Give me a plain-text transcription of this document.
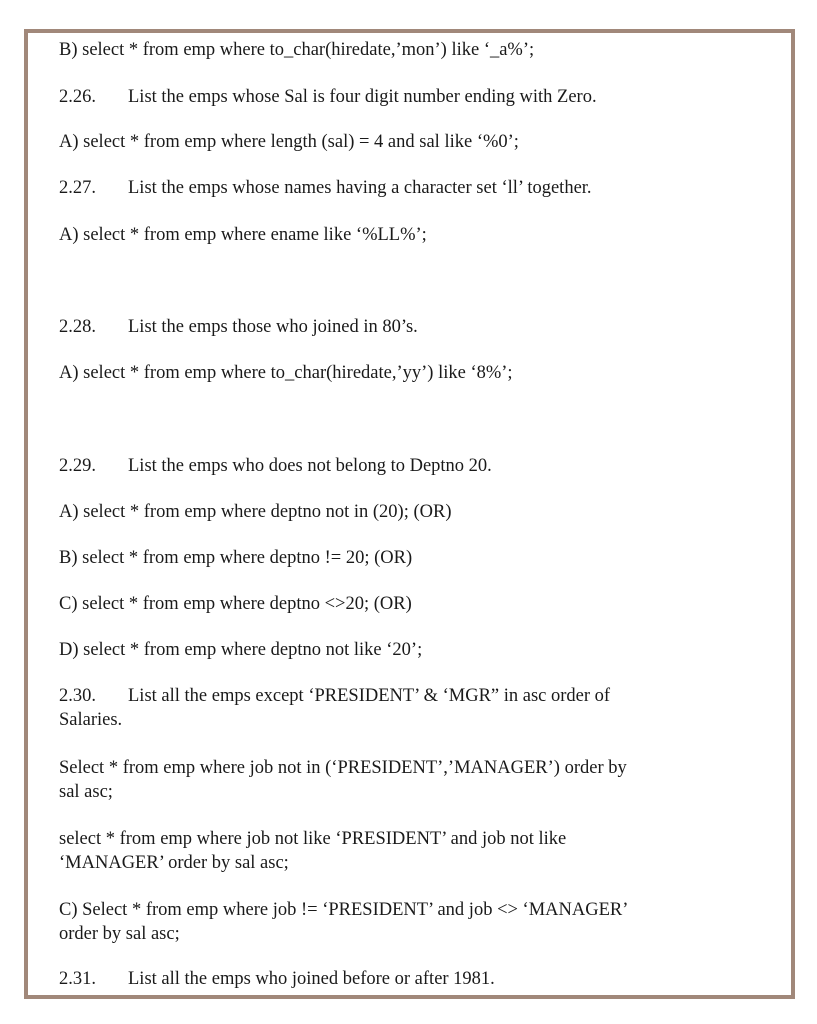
B) select * from emp where to_char(hiredate,’mon’) like ‘_a%’;
2.26. List the emps whose Sal is four digit number ending with Zero.
A) select * from emp where length (sal) = 4 and sal like ‘%0’;
2.27. List the emps whose names having a character set ‘ll’ together.
A) select * from emp where ename like ‘%LL%’;
2.28. List the emps those who joined in 80’s.
A) select * from emp where to_char(hiredate,’yy’) like ‘8%’;
2.29. List the emps who does not belong to Deptno 20.
A) select * from emp where deptno not in (20); (OR)
B) select * from emp where deptno != 20; (OR)
C) select * from emp where deptno <>20; (OR)
D) select * from emp where deptno not like ‘20’;
2.30. List all the emps except ‘PRESIDENT’ & ‘MGR” in asc order of
Salaries.
Select * from emp where job not in (‘PRESIDENT’,’MANAGER’) order by
sal asc;
select * from emp where job not like ‘PRESIDENT’ and job not like
‘MANAGER’ order by sal asc;
C) Select * from emp where job != ‘PRESIDENT’ and job <> ‘MANAGER’
order by sal asc;
2.31. List all the emps who joined before or after 1981.
